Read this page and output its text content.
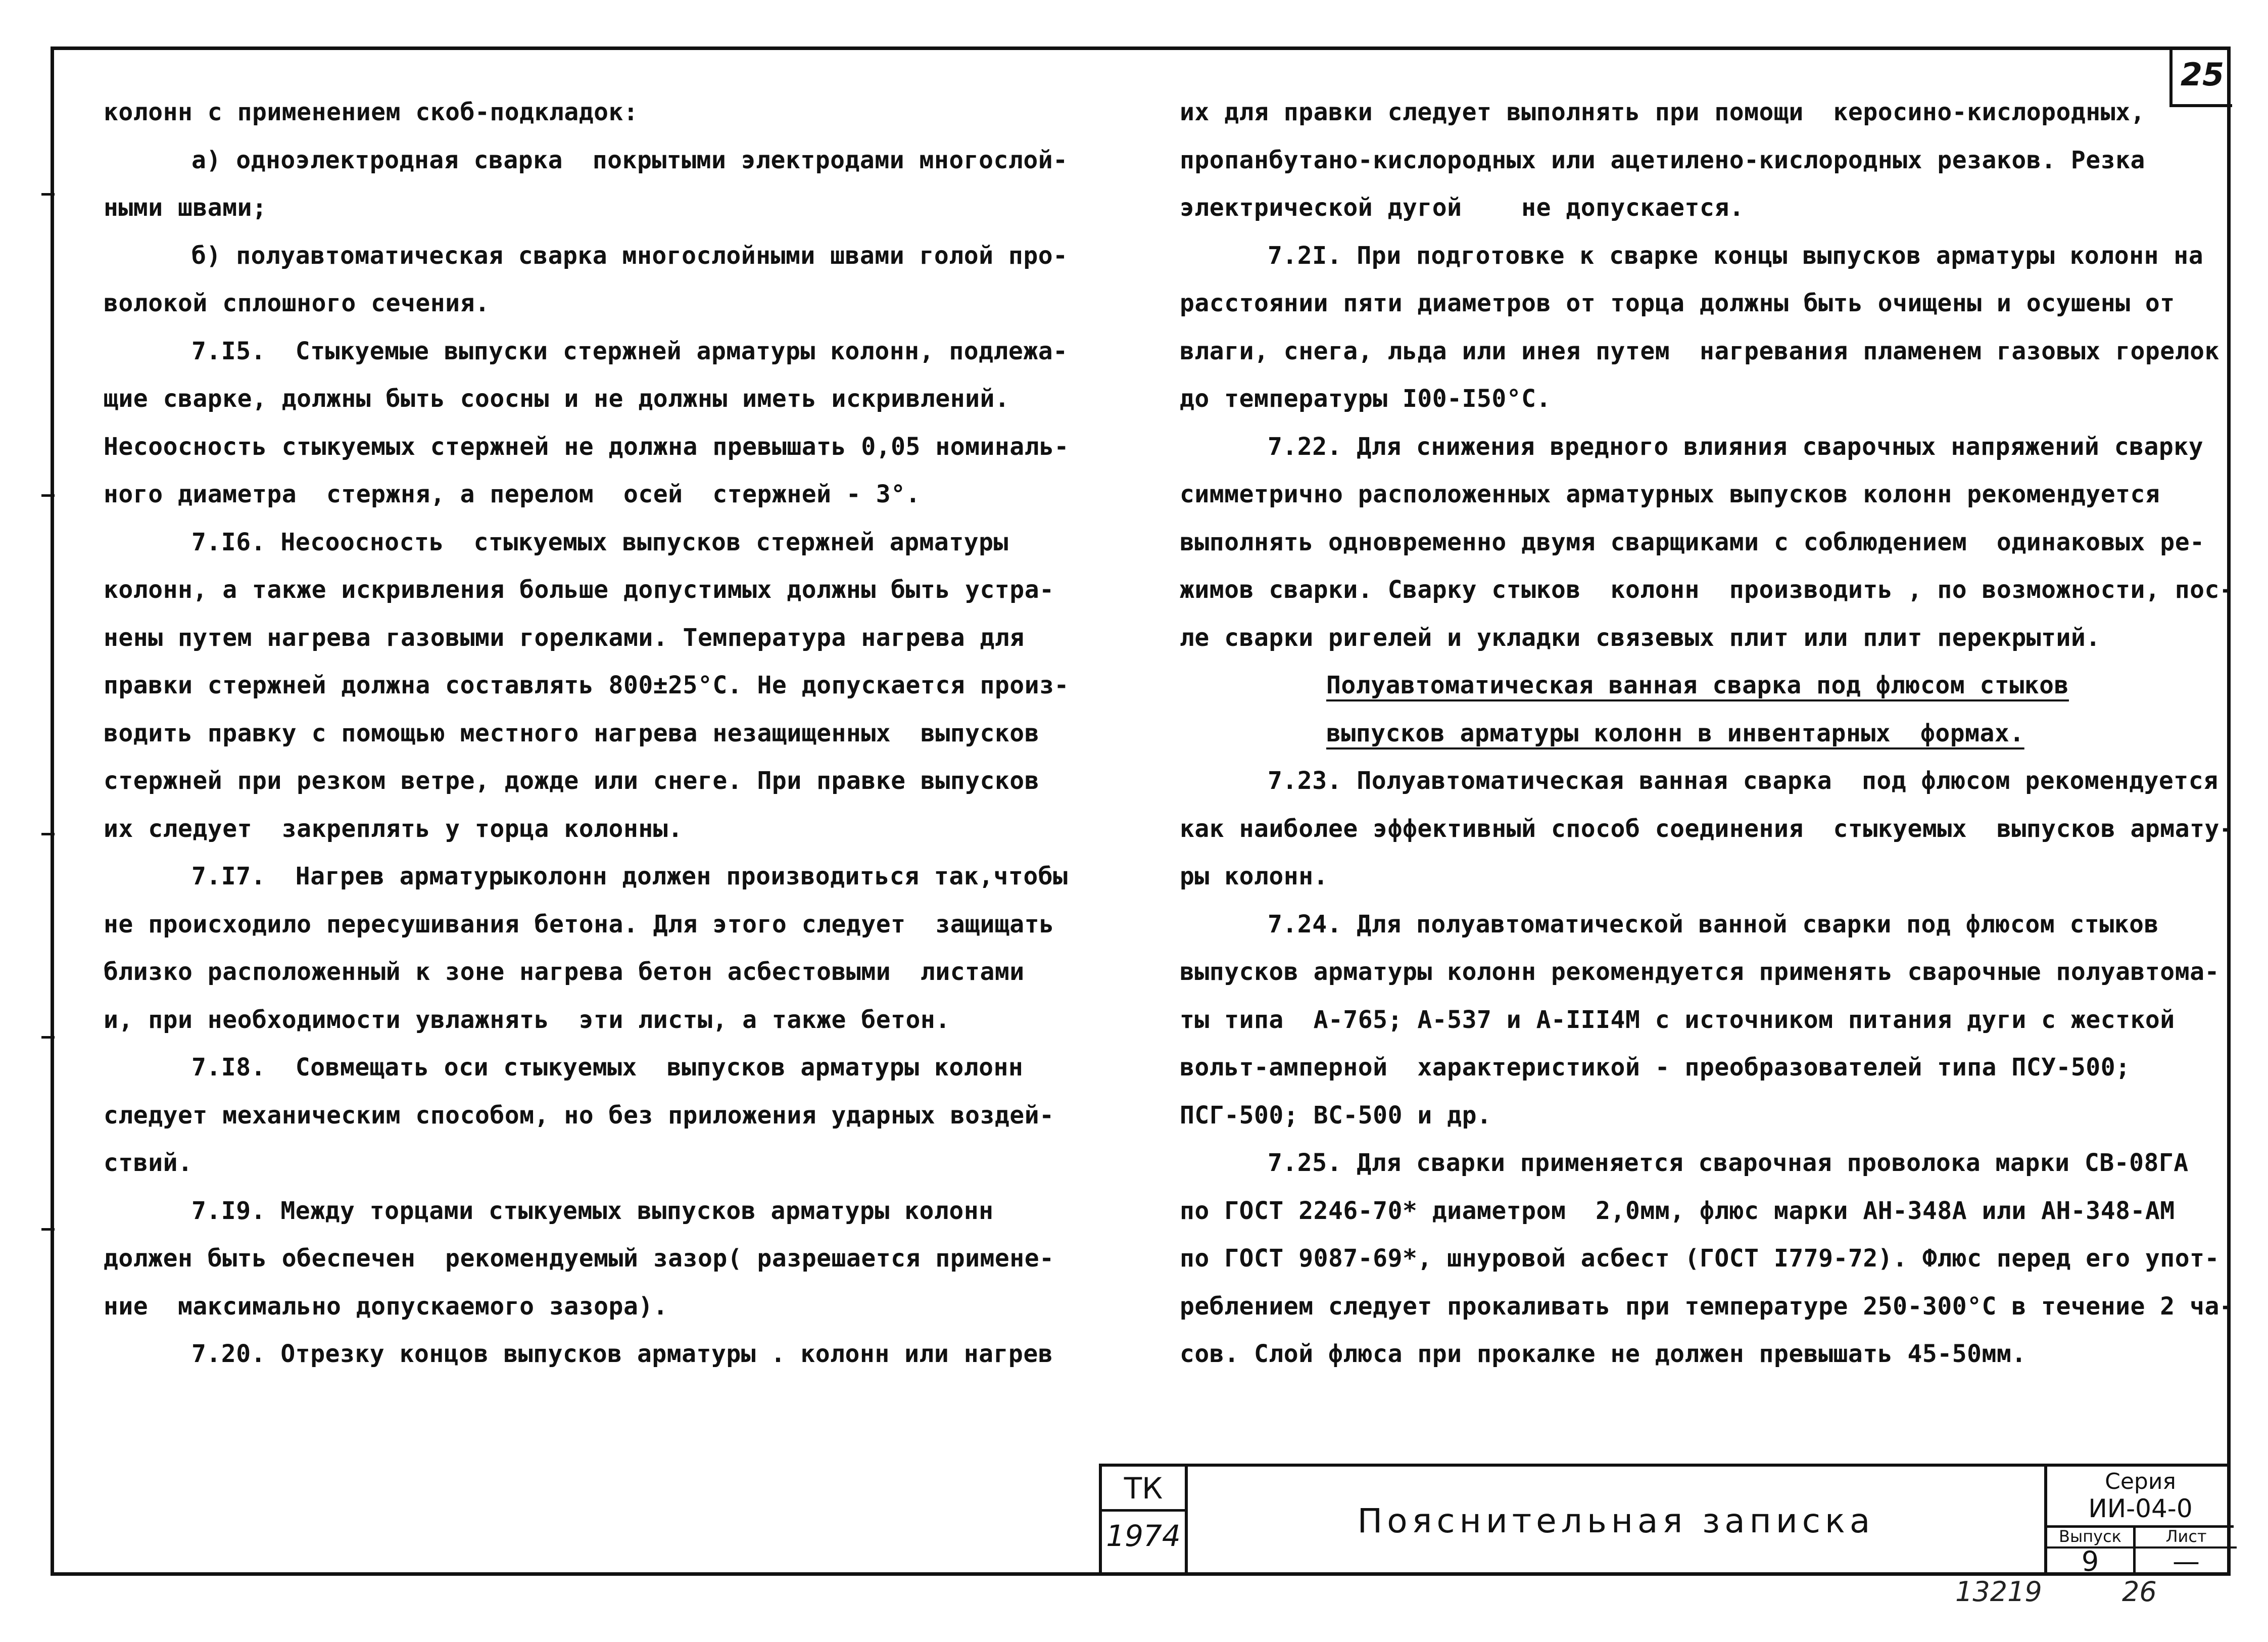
25
колонн с применением скоб-подкладок:
а) одноэлектродная сварка  покрытыми электродами многослой-
ными швами;
б) полуавтоматическая сварка многослойными швами голой про-
волокой сплошного сечения.
7.I5.  Стыкуемые выпуски стержней арматуры колонн, подлежа-
щие сварке, должны быть соосны и не должны иметь искривлений.
Несоосность стыкуемых стержней не должна превышать 0,05 номиналь-
ного диаметра  стержня, а перелом  осей  стержней - 3°.
7.I6. Несоосность  стыкуемых выпусков стержней арматуры
колонн, а также искривления больше допустимых должны быть устра-
нены путем нагрева газовыми горелками. Температура нагрева для
правки стержней должна составлять 800±25°С. Не допускается произ-
водить правку с помощью местного нагрева незащищенных  выпусков
стержней при резком ветре, дожде или снеге. При правке выпусков
их следует  закреплять у торца колонны.
7.I7.  Нагрев арматурыколонн должен производиться так,чтобы
не происходило пересушивания бетона. Для этого следует  защищать
близко расположенный к зоне нагрева бетон асбестовыми  листами
и, при необходимости увлажнять  эти листы, а также бетон.
7.I8.  Совмещать оси стыкуемых  выпусков арматуры колонн
следует механическим способом, но без приложения ударных воздей-
ствий.
7.I9. Между торцами стыкуемых выпусков арматуры колонн
должен быть обеспечен  рекомендуемый зазор( разрешается примене-
ние  максимально допускаемого зазора).
7.20. Отрезку концов выпусков арматуры . колонн или нагрев
их для правки следует выполнять при помощи  керосино-кислородных,
пропанбутано-кислородных или ацетилено-кислородных резаков. Резка
электрической дугой    не допускается.
7.2I. При подготовке к сварке концы выпусков арматуры колонн на
расстоянии пяти диаметров от торца должны быть очищены и осушены от
влаги, снега, льда или инея путем  нагревания пламенем газовых горелок
до температуры I00-I50°С.
7.22. Для снижения вредного влияния сварочных напряжений сварку
симметрично расположенных арматурных выпусков колонн рекомендуется
выполнять одновременно двумя сварщиками с соблюдением  одинаковых ре-
жимов сварки. Сварку стыков  колонн  производить , по возможности, пос-
ле сварки ригелей и укладки связевых плит или плит перекрытий.
Полуавтоматическая ванная сварка под флюсом стыков
выпусков арматуры колонн в инвентарных  формах.
7.23. Полуавтоматическая ванная сварка  под флюсом рекомендуется
как наиболее эффективный способ соединения  стыкуемых  выпусков армату-
ры колонн.
7.24. Для полуавтоматической ванной сварки под флюсом стыков
выпусков арматуры колонн рекомендуется применять сварочные полуавтома-
ты типа  А-765; А-537 и А-III4М с источником питания дуги с жесткой
вольт-амперной  характеристикой - преобразователей типа ПСУ-500;
ПСГ-500; ВС-500 и др.
7.25. Для сварки применяется сварочная проволока марки СВ-08ГА
по ГОСТ 2246-70* диаметром  2,0мм, флюс марки АН-348А или АН-348-АМ
по ГОСТ 9087-69*, шнуровой асбест (ГОСТ I779-72). Флюс перед его упот-
реблением следует прокаливать при температуре 250-300°С в течение 2 ча-
сов. Слой флюса при прокалке не должен превышать 45-50мм.
ТК
1974	Пояснительная записка
Серия
ИИ-04-0
Выпуск
9
Лист
—
13219	26
